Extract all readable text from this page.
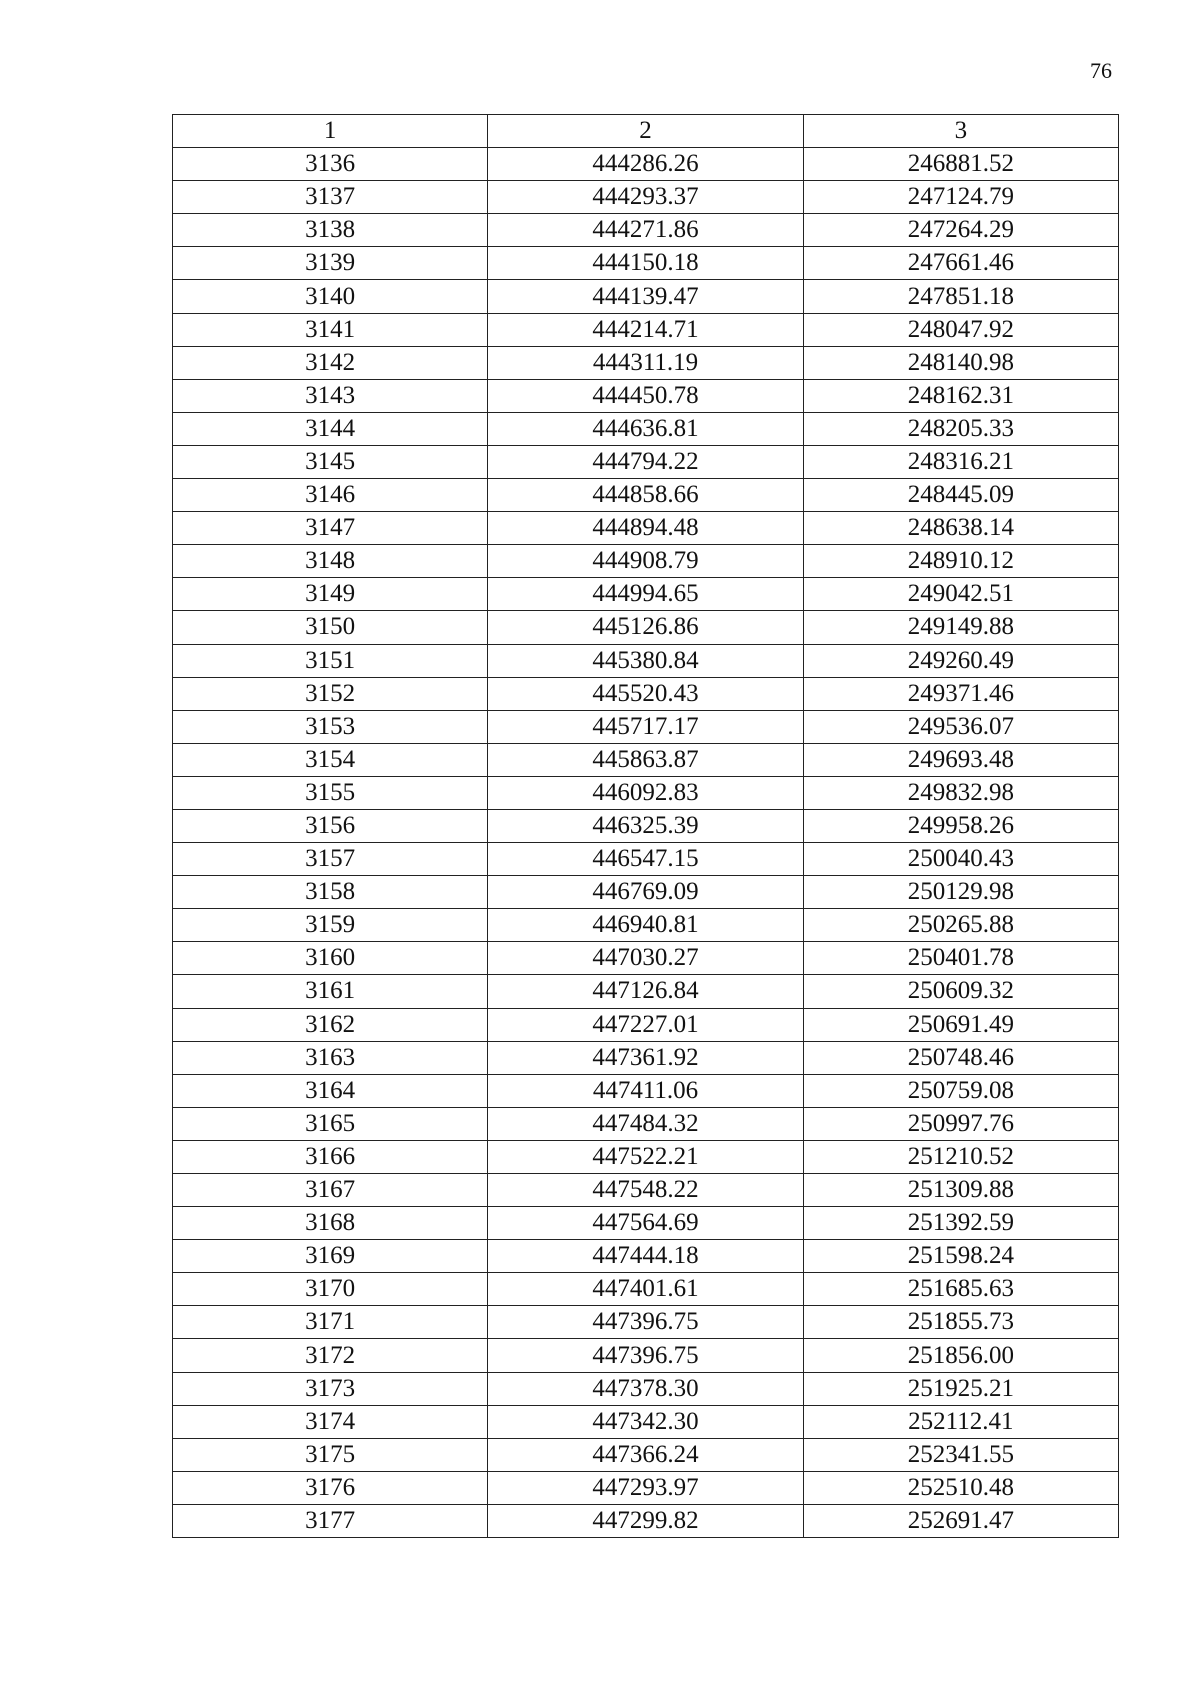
76
1	2	3
3136	444286.26	246881.52
3137	444293.37	247124.79
3138	444271.86	247264.29
3139	444150.18	247661.46
3140	444139.47	247851.18
3141	444214.71	248047.92
3142	444311.19	248140.98
3143	444450.78	248162.31
3144	444636.81	248205.33
3145	444794.22	248316.21
3146	444858.66	248445.09
3147	444894.48	248638.14
3148	444908.79	248910.12
3149	444994.65	249042.51
3150	445126.86	249149.88
3151	445380.84	249260.49
3152	445520.43	249371.46
3153	445717.17	249536.07
3154	445863.87	249693.48
3155	446092.83	249832.98
3156	446325.39	249958.26
3157	446547.15	250040.43
3158	446769.09	250129.98
3159	446940.81	250265.88
3160	447030.27	250401.78
3161	447126.84	250609.32
3162	447227.01	250691.49
3163	447361.92	250748.46
3164	447411.06	250759.08
3165	447484.32	250997.76
3166	447522.21	251210.52
3167	447548.22	251309.88
3168	447564.69	251392.59
3169	447444.18	251598.24
3170	447401.61	251685.63
3171	447396.75	251855.73
3172	447396.75	251856.00
3173	447378.30	251925.21
3174	447342.30	252112.41
3175	447366.24	252341.55
3176	447293.97	252510.48
3177	447299.82	252691.47
